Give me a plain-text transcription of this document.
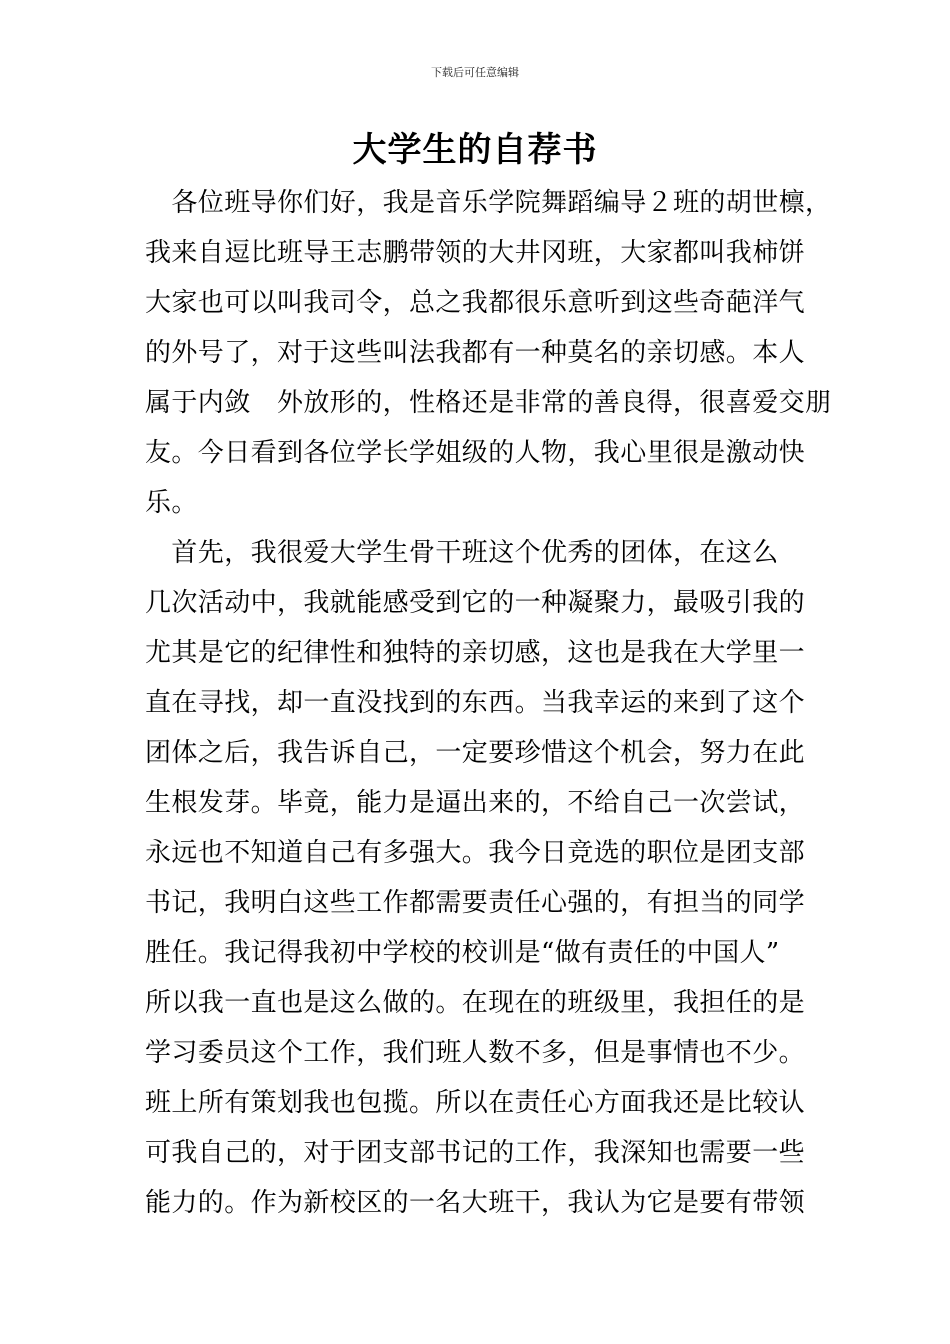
下载后可任意编辑
大学生的自荐书
　各位班导你们好，我是音乐学院舞蹈编导２班的胡世檩，
我来自逗比班导王志鹏带领的大井冈班，大家都叫我柿饼
大家也可以叫我司令，总之我都很乐意听到这些奇葩洋气
的外号了，对于这些叫法我都有一种莫名的亲切感。本人
属于内敛　外放形的，性格还是非常的善良得，很喜爱交朋
友。今日看到各位学长学姐级的人物，我心里很是激动快
乐。
　首先，我很爱大学生骨干班这个优秀的团体，在这么
几次活动中，我就能感受到它的一种凝聚力，最吸引我的
尤其是它的纪律性和独特的亲切感，这也是我在大学里一
直在寻找，却一直没找到的东西。当我幸运的来到了这个
团体之后，我告诉自己，一定要珍惜这个机会，努力在此
生根发芽。毕竟，能力是逼出来的，不给自己一次尝试，
永远也不知道自己有多强大。我今日竞选的职位是团支部
书记，我明白这些工作都需要责任心强的，有担当的同学
胜任。我记得我初中学校的校训是“做有责任的中国人”
所以我一直也是这么做的。在现在的班级里，我担任的是
学习委员这个工作，我们班人数不多，但是事情也不少。
班上所有策划我也包揽。所以在责任心方面我还是比较认
可我自己的，对于团支部书记的工作，我深知也需要一些
能力的。作为新校区的一名大班干，我认为它是要有带领
